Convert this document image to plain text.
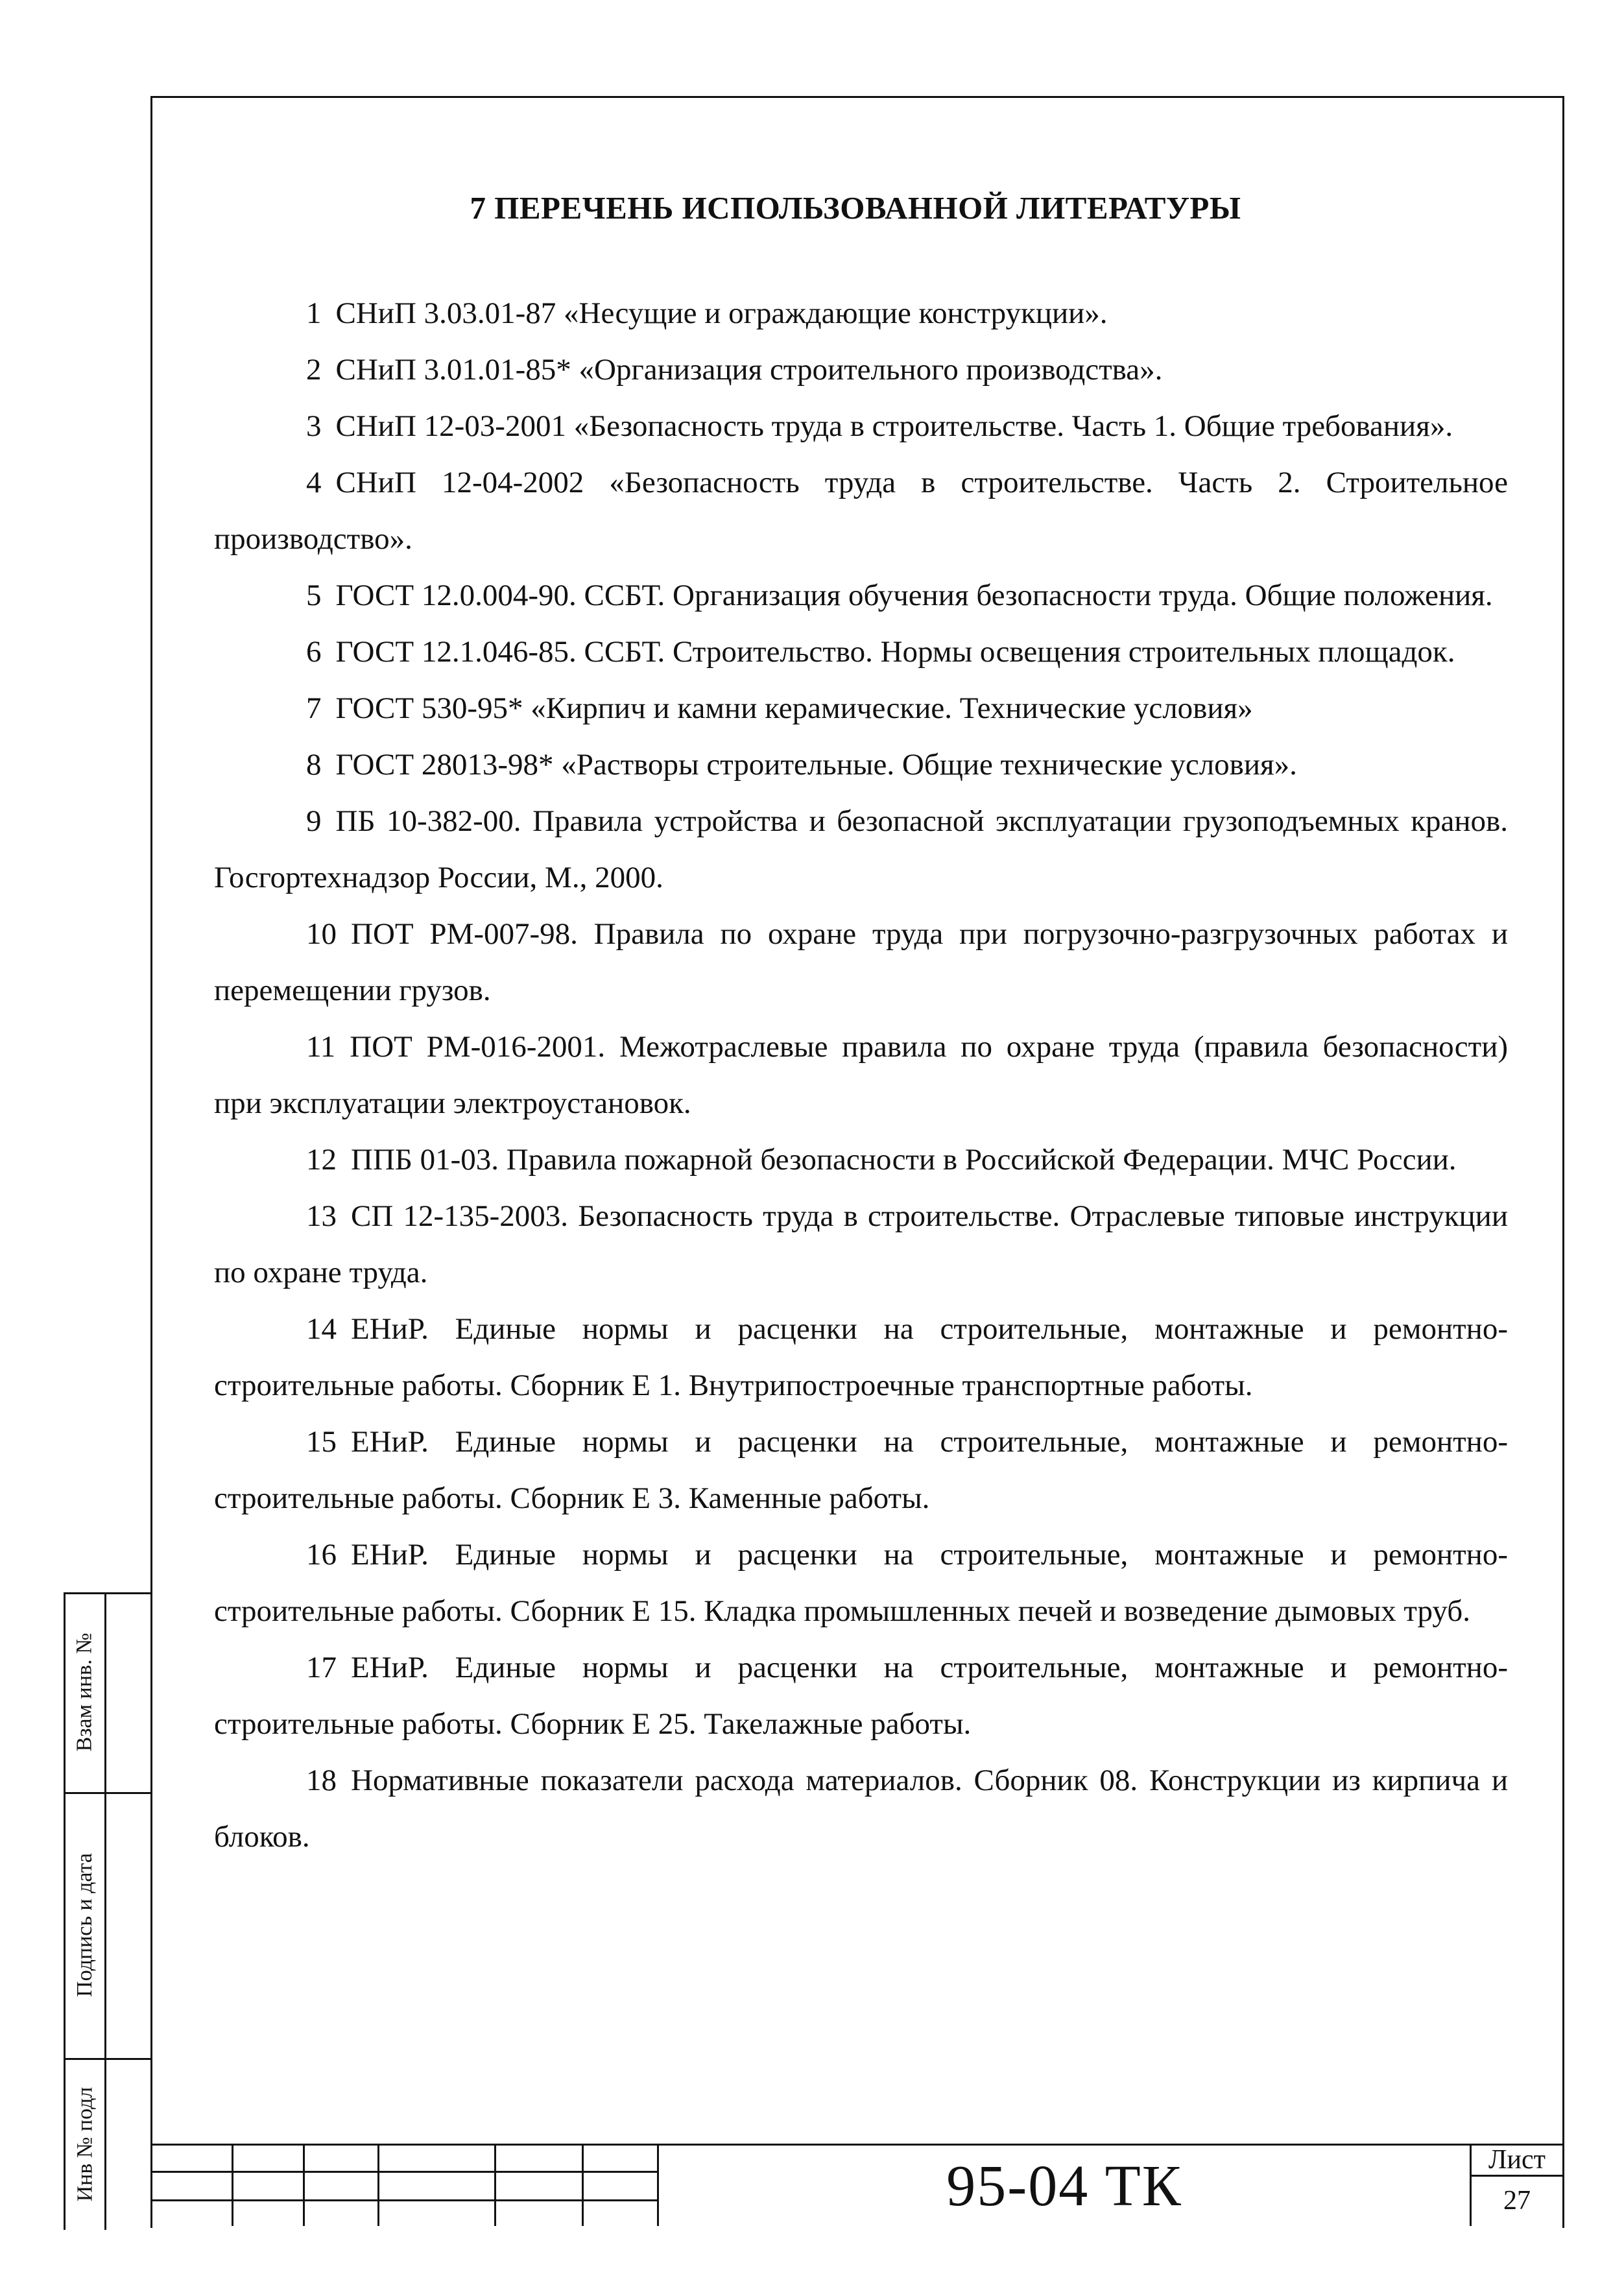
7 ПЕРЕЧЕНЬ ИСПОЛЬЗОВАННОЙ ЛИТЕРАТУРЫ

1 СНиП 3.03.01-87 «Несущие и ограждающие конструкции».

2 СНиП 3.01.01-85* «Организация строительного производства».

3 СНиП 12-03-2001 «Безопасность труда в строительстве. Часть 1. Общие требования».

4 СНиП 12-04-2002 «Безопасность труда в строительстве. Часть 2. Строительное производство».

5 ГОСТ 12.0.004-90. ССБТ. Организация обучения безопасности труда. Общие положения.

6 ГОСТ 12.1.046-85. ССБТ. Строительство. Нормы освещения строительных площадок.

7 ГОСТ 530-95* «Кирпич и камни керамические. Технические условия»

8 ГОСТ 28013-98* «Растворы строительные. Общие технические условия».

9 ПБ 10-382-00. Правила устройства и безопасной эксплуатации грузоподъемных кранов. Госгортехнадзор России, М., 2000.

10 ПОТ РМ-007-98. Правила по охране труда при погрузочно-разгрузочных работах и перемещении грузов.

11 ПОТ РМ-016-2001. Межотраслевые правила по охране труда (правила безопасности) при эксплуатации электроустановок.

12 ППБ 01-03. Правила пожарной безопасности в Российской Федерации. МЧС России.

13 СП 12-135-2003. Безопасность труда в строительстве. Отраслевые типовые инструкции по охране труда.

14 ЕНиР. Единые нормы и расценки на строительные, монтажные и ремонтно-строительные работы. Сборник Е 1. Внутрипостроечные транспортные работы.

15 ЕНиР. Единые нормы и расценки на строительные, монтажные и ремонтно-строительные работы. Сборник Е 3. Каменные работы.

16 ЕНиР. Единые нормы и расценки на строительные, монтажные и ремонтно-строительные работы. Сборник Е 15. Кладка промышленных печей и возведение дымовых труб.

17 ЕНиР. Единые нормы и расценки на строительные, монтажные и ремонтно-строительные работы. Сборник Е 25. Такелажные работы.

18 Нормативные показатели расхода материалов. Сборник 08. Конструкции из кирпича и блоков.

Взам инв. №
Подпись и дата
Инв № подл	95-04 ТК	Лист
27
